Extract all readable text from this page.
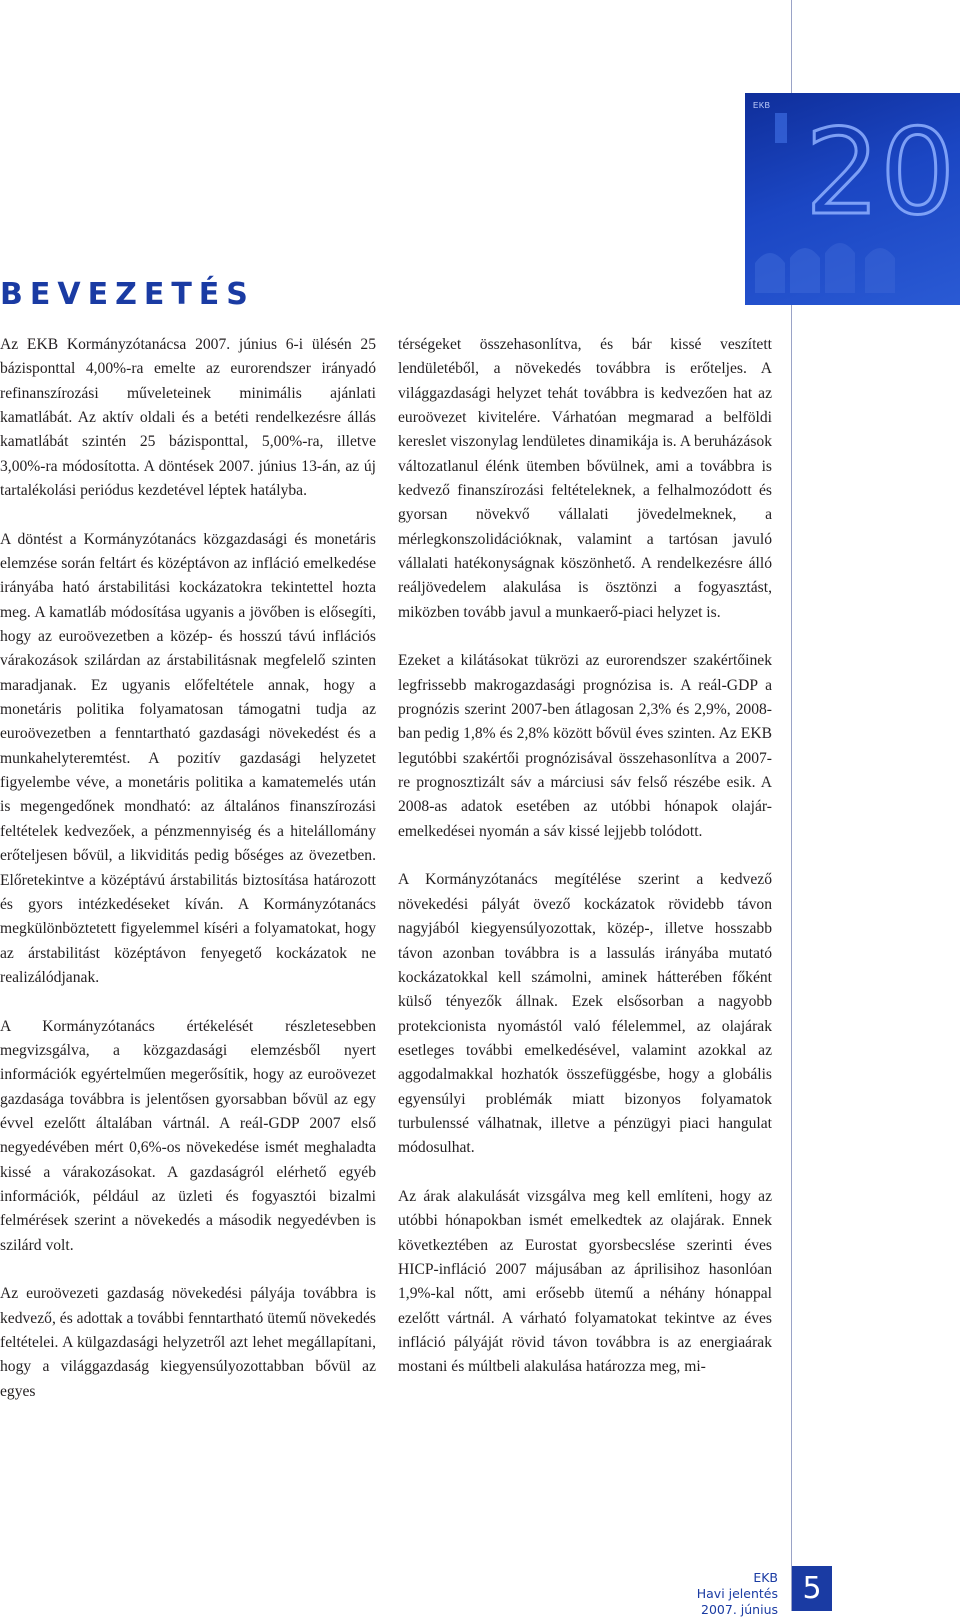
EKB 20
BEVEZETÉS

Az EKB Kormányzótanácsa 2007. június 6-i ülésén 25 bázisponttal 4,00%-ra emelte az eurorendszer irányadó refinanszírozási műveleteinek minimális ajánlati kamatlábát. Az aktív oldali és a betéti rendelkezésre állás kamatlábát szintén 25 bázisponttal, 5,00%-ra, illetve 3,00%-ra módosította. A döntések 2007. június 13-án, az új tartalékolási periódus kezdetével léptek hatályba.

A döntést a Kormányzótanács közgazdasági és monetáris elemzése során feltárt és középtávon az infláció emelkedése irányába ható árstabilitási kockázatokra tekintettel hozta meg. A kamatláb módosítása ugyanis a jövőben is elősegíti, hogy az euroövezetben a közép- és hosszú távú inflációs várakozások szilárdan az árstabilitásnak megfelelő szinten maradjanak. Ez ugyanis előfeltétele annak, hogy a monetáris politika folyamatosan támogatni tudja az euroövezetben a fenntartható gazdasági növekedést és a munkahelyteremtést. A pozitív gazdasági helyzetet figyelembe véve, a monetáris politika a kamatemelés után is megengedőnek mondható: az általános finanszírozási feltételek kedvezőek, a pénzmennyiség és a hitelállomány erőteljesen bővül, a likviditás pedig bőséges az övezetben. Előretekintve a középtávú árstabilitás biztosítása határozott és gyors intézkedéseket kíván. A Kormányzótanács megkülönböztetett figyelemmel kíséri a folyamatokat, hogy az árstabilitást középtávon fenyegető kockázatok ne realizálódjanak.

A Kormányzótanács értékelését részletesebben megvizsgálva, a közgazdasági elemzésből nyert információk egyértelműen megerősítik, hogy az euroövezet gazdasága továbbra is jelentősen gyorsabban bővül az egy évvel ezelőtt általában vártnál. A reál-GDP 2007 első negyedévében mért 0,6%-os növekedése ismét meghaladta kissé a várakozásokat. A gazdaságról elérhető egyéb információk, például az üzleti és fogyasztói bizalmi felmérések szerint a növekedés a második negyedévben is szilárd volt.

Az euroövezeti gazdaság növekedési pályája továbbra is kedvező, és adottak a további fenntartható ütemű növekedés feltételei. A külgazdasági helyzetről azt lehet megállapítani, hogy a világgazdaság kiegyensúlyozottabban bővül az egyes

térségeket összehasonlítva, és bár kissé veszített lendületéből, a növekedés továbbra is erőteljes. A világgazdasági helyzet tehát továbbra is kedvezően hat az euroövezet kivitelére. Várhatóan megmarad a belföldi kereslet viszonylag lendületes dinamikája is. A beruházások változatlanul élénk ütemben bővülnek, ami a továbbra is kedvező finanszírozási feltételeknek, a felhalmozódott és gyorsan növekvő vállalati jövedelmeknek, a mérlegkonszolidációknak, valamint a tartósan javuló vállalati hatékonyságnak köszönhető. A rendelkezésre álló reáljövedelem alakulása is ösztönzi a fogyasztást, miközben tovább javul a munkaerő-piaci helyzet is.

Ezeket a kilátásokat tükrözi az eurorendszer szakértőinek legfrissebb makrogazdasági prognózisa is. A reál-GDP a prognózis szerint 2007-ben átlagosan 2,3% és 2,9%, 2008-ban pedig 1,8% és 2,8% között bővül éves szinten. Az EKB legutóbbi szakértői prognózisával összehasonlítva a 2007-re prognosztizált sáv a márciusi sáv felső részébe esik. A 2008-as adatok esetében az utóbbi hónapok olajár-emelkedései nyomán a sáv kissé lejjebb tolódott.

A Kormányzótanács megítélése szerint a kedvező növekedési pályát övező kockázatok rövidebb távon nagyjából kiegyensúlyozottak, közép-, illetve hosszabb távon azonban továbbra is a lassulás irányába mutató kockázatokkal kell számolni, aminek hátterében főként külső tényezők állnak. Ezek elsősorban a nagyobb protekcionista nyomástól való félelemmel, az olajárak esetleges további emelkedésével, valamint azokkal az aggodalmakkal hozhatók összefüggésbe, hogy a globális egyensúlyi problémák miatt bizonyos folyamatok turbulenssé válhatnak, illetve a pénzügyi piaci hangulat módosulhat.

Az árak alakulását vizsgálva meg kell említeni, hogy az utóbbi hónapokban ismét emelkedtek az olajárak. Ennek következtében az Eurostat gyorsbecslése szerinti éves HICP-infláció 2007 májusában az áprilisihoz hasonlóan 1,9%-kal nőtt, ami erősebb ütemű a néhány hónappal ezelőtt vártnál. A várható folyamatokat tekintve az éves infláció pályáját rövid távon továbbra is az energiaárak mostani és múltbeli alakulása határozza meg, mi-

EKB
Havi jelentés
2007. június
5
